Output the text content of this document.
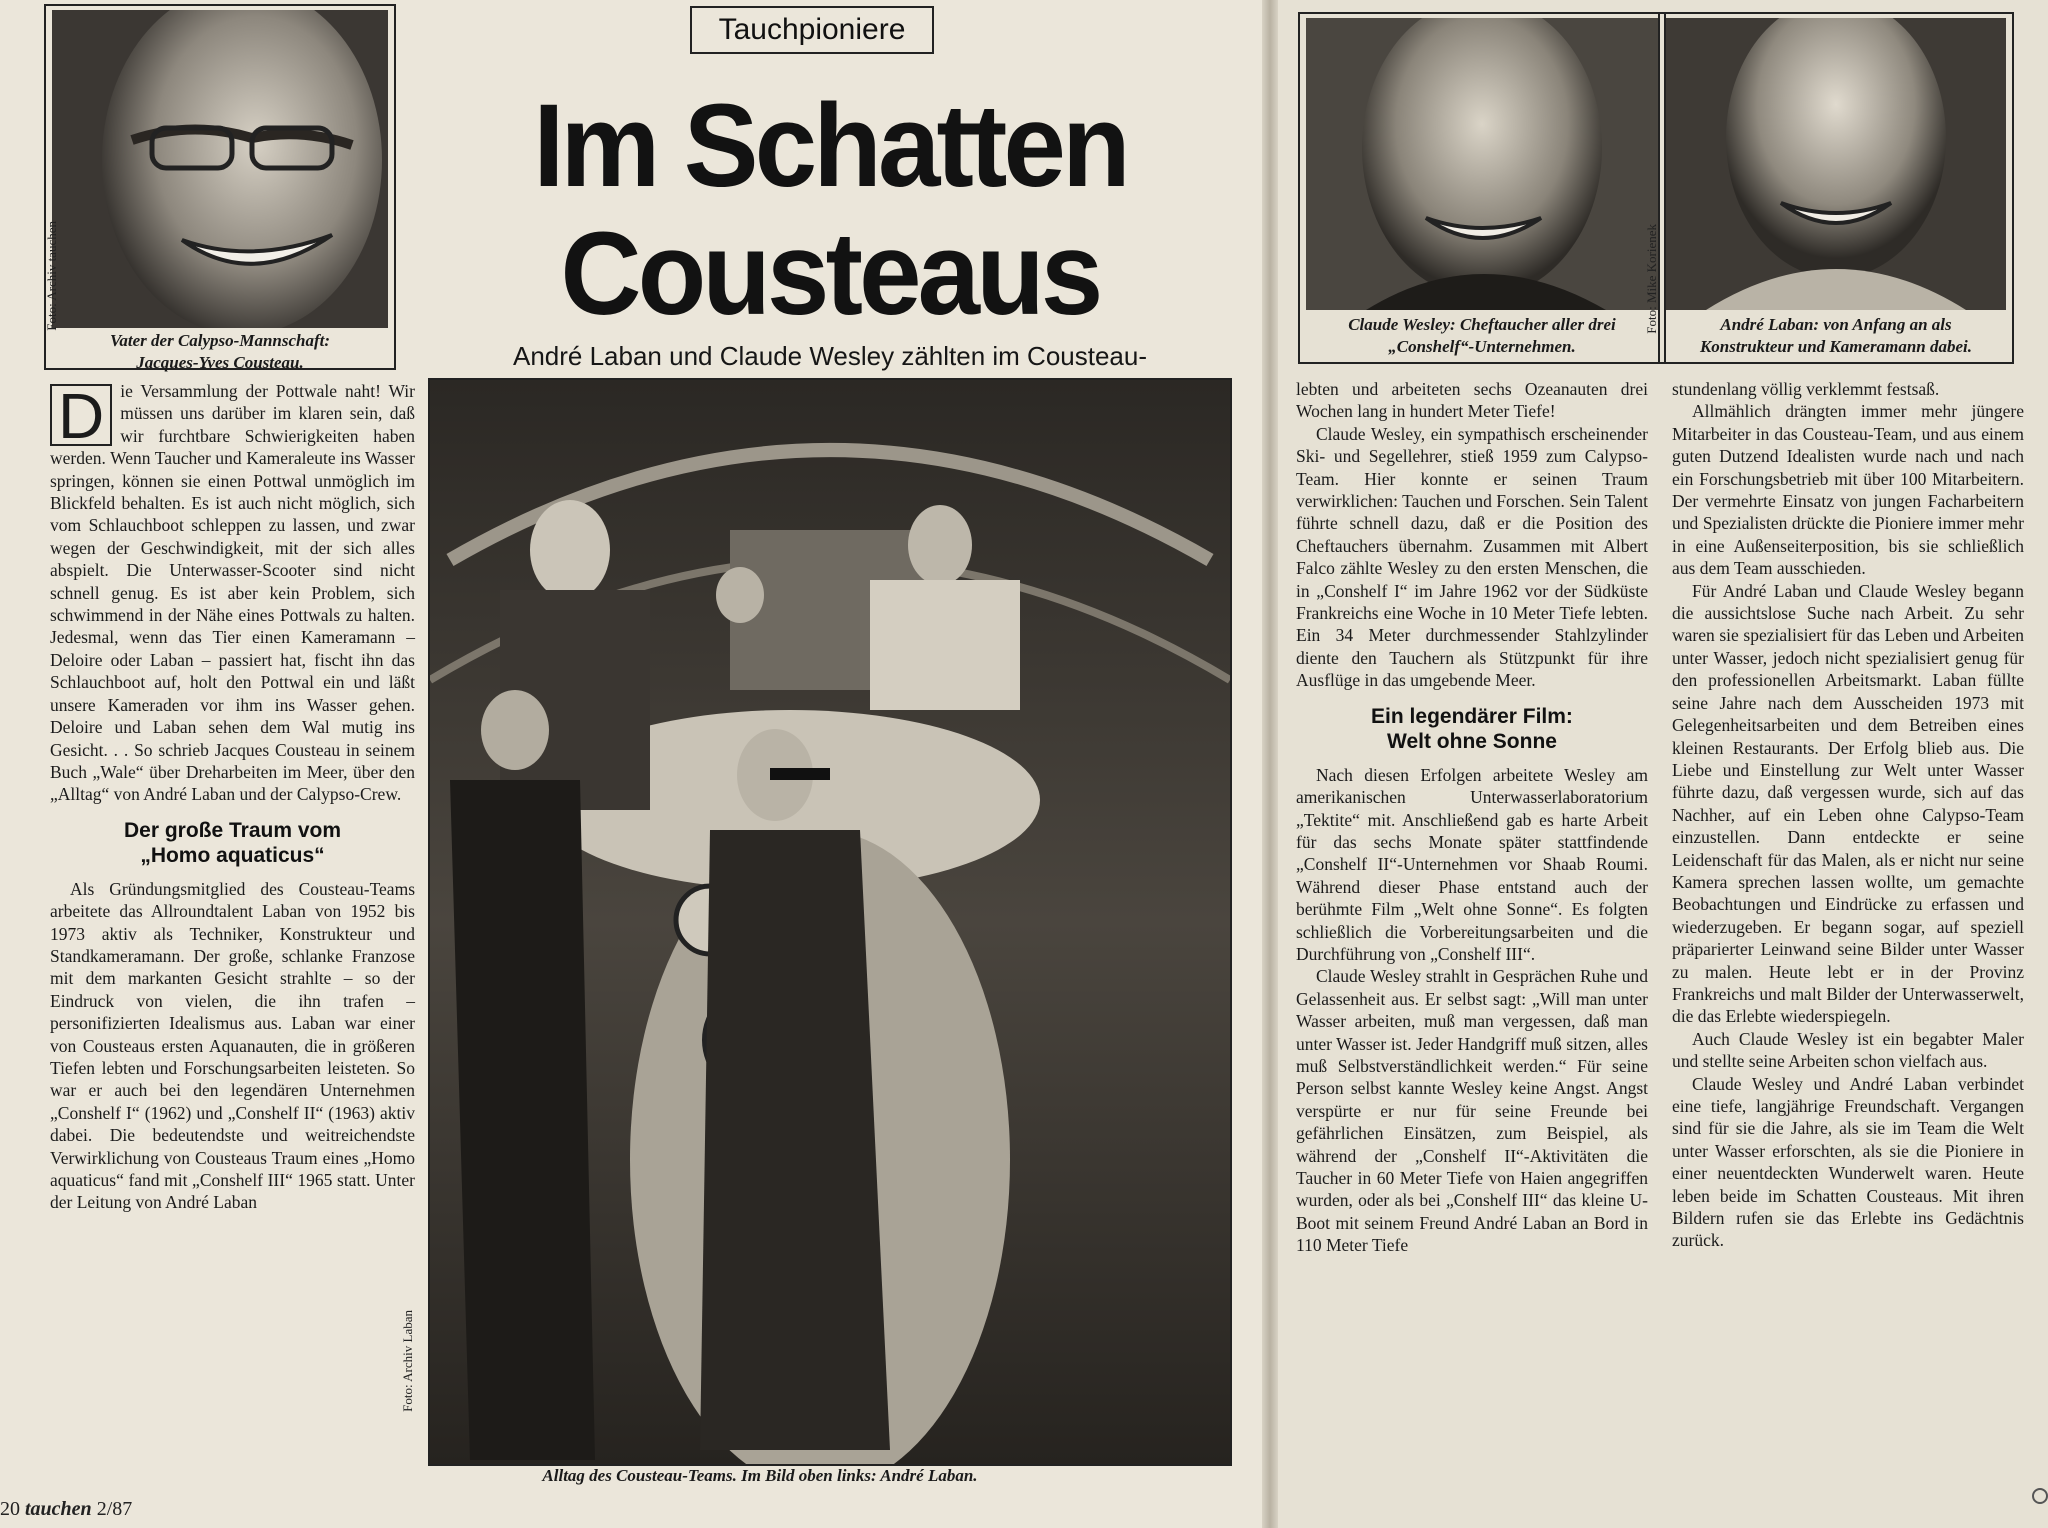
Foto: Archiv tauchen
Vater der Calypso-Mannschaft:
Jacques-Yves Cousteau.
Tauchpioniere
Im Schatten
Cousteaus
André Laban und Claude Wesley zählten im Cousteau-

D ie Versammlung der Pottwale naht! Wir müssen uns darüber im klaren sein, daß wir furchtbare Schwierigkeiten haben werden. Wenn Taucher und Kameraleute ins Wasser springen, können sie einen Pottwal unmöglich im Blickfeld behalten. Es ist auch nicht möglich, sich vom Schlauchboot schleppen zu lassen, und zwar wegen der Geschwindigkeit, mit der sich alles abspielt. Die Unterwasser-Scooter sind nicht schnell genug. Es ist aber kein Problem, sich schwimmend in der Nähe eines Pottwals zu halten. Jedesmal, wenn das Tier einen Kameramann – Deloire oder Laban – passiert hat, fischt ihn das Schlauchboot auf, holt den Pottwal ein und läßt unsere Kameraden vor ihm ins Wasser gehen. Deloire und Laban sehen dem Wal mutig ins Gesicht. . . So schrieb Jacques Cousteau in seinem Buch „Wale“ über Dreharbeiten im Meer, über den „Alltag“ von André Laban und der Calypso-Crew.

Der große Traum vom
„Homo aquaticus“

Als Gründungsmitglied des Cousteau-Teams arbeitete das Allroundtalent Laban von 1952 bis 1973 aktiv als Techniker, Konstrukteur und Standkameramann. Der große, schlanke Franzose mit dem markanten Gesicht strahlte – so der Eindruck von vielen, die ihn trafen – personifizierten Idealismus aus. Laban war einer von Cousteaus ersten Aquanauten, die in größeren Tiefen lebten und Forschungsarbeiten leisteten. So war er auch bei den legendären Unternehmen „Conshelf I“ (1962) und „Conshelf II“ (1963) aktiv dabei. Die bedeutendste und weitreichendste Verwirklichung von Cousteaus Traum eines „Homo aquaticus“ fand mit „Conshelf III“ 1965 statt. Unter der Leitung von André Laban

Foto: Archiv Laban
Alltag des Cousteau-Teams. Im Bild oben links: André Laban.
Claude Wesley: Cheftaucher aller drei
„Conshelf“-Unternehmen.
Foto: Mike Korienek	André Laban: von Anfang an als
Konstrukteur und Kameramann dabei.

lebten und arbeiteten sechs Ozeanauten drei Wochen lang in hundert Meter Tiefe!

Claude Wesley, ein sympathisch erscheinender Ski- und Segellehrer, stieß 1959 zum Calypso-Team. Hier konnte er seinen Traum verwirklichen: Tauchen und Forschen. Sein Talent führte schnell dazu, daß er die Position des Cheftauchers übernahm. Zusammen mit Albert Falco zählte Wesley zu den ersten Menschen, die in „Conshelf I“ im Jahre 1962 vor der Südküste Frankreichs eine Woche in 10 Meter Tiefe lebten. Ein 34 Meter durchmessender Stahlzylinder diente den Tauchern als Stützpunkt für ihre Ausflüge in das umgebende Meer.

Ein legendärer Film:
Welt ohne Sonne

Nach diesen Erfolgen arbeitete Wesley am amerikanischen Unterwasserlaboratorium „Tektite“ mit. Anschließend gab es harte Arbeit für das sechs Monate später stattfindende „Conshelf II“-Unternehmen vor Shaab Roumi. Während dieser Phase entstand auch der berühmte Film „Welt ohne Sonne“. Es folgten schließlich die Vorbereitungsarbeiten und die Durchführung von „Conshelf III“.

Claude Wesley strahlt in Gesprächen Ruhe und Gelassenheit aus. Er selbst sagt: „Will man unter Wasser arbeiten, muß man vergessen, daß man unter Wasser ist. Jeder Handgriff muß sitzen, alles muß Selbstverständlichkeit werden.“ Für seine Person selbst kannte Wesley keine Angst. Angst verspürte er nur für seine Freunde bei gefährlichen Einsätzen, zum Beispiel, als während der „Conshelf II“-Aktivitäten die Taucher in 60 Meter Tiefe von Haien angegriffen wurden, oder als bei „Conshelf III“ das kleine U-Boot mit seinem Freund André Laban an Bord in 110 Meter Tiefe

stundenlang völlig verklemmt festsaß.

Allmählich drängten immer mehr jüngere Mitarbeiter in das Cousteau-Team, und aus einem guten Dutzend Idealisten wurde nach und nach ein Forschungsbetrieb mit über 100 Mitarbeitern. Der vermehrte Einsatz von jungen Facharbeitern und Spezialisten drückte die Pioniere immer mehr in eine Außenseiterposition, bis sie schließlich aus dem Team ausschieden.

Für André Laban und Claude Wesley begann die aussichtslose Suche nach Arbeit. Zu sehr waren sie spezialisiert für das Leben und Arbeiten unter Wasser, jedoch nicht spezialisiert genug für den professionellen Arbeitsmarkt. Laban füllte seine Jahre nach dem Ausscheiden 1973 mit Gelegenheitsarbeiten und dem Betreiben eines kleinen Restaurants. Der Erfolg blieb aus. Die Liebe und Einstellung zur Welt unter Wasser führte dazu, daß vergessen wurde, sich auf das Nachher, auf ein Leben ohne Calypso-Team einzustellen. Dann entdeckte er seine Leidenschaft für das Malen, als er nicht nur seine Kamera sprechen lassen wollte, um gemachte Beobachtungen und Eindrücke zu erfassen und wiederzugeben. Er begann sogar, auf speziell präparierter Leinwand seine Bilder unter Wasser zu malen. Heute lebt er in der Provinz Frankreichs und malt Bilder der Unterwasserwelt, die das Erlebte wiederspiegeln.

Auch Claude Wesley ist ein begabter Maler und stellte seine Arbeiten schon vielfach aus.

Claude Wesley und André Laban verbindet eine tiefe, langjährige Freundschaft. Vergangen sind für sie die Jahre, als sie im Team die Welt unter Wasser erforschten, als sie die Pioniere in einer neuentdeckten Wunderwelt waren. Heute leben beide im Schatten Cousteaus. Mit ihren Bildern rufen sie das Erlebte ins Gedächtnis zurück.

20 tauchen 2/87
